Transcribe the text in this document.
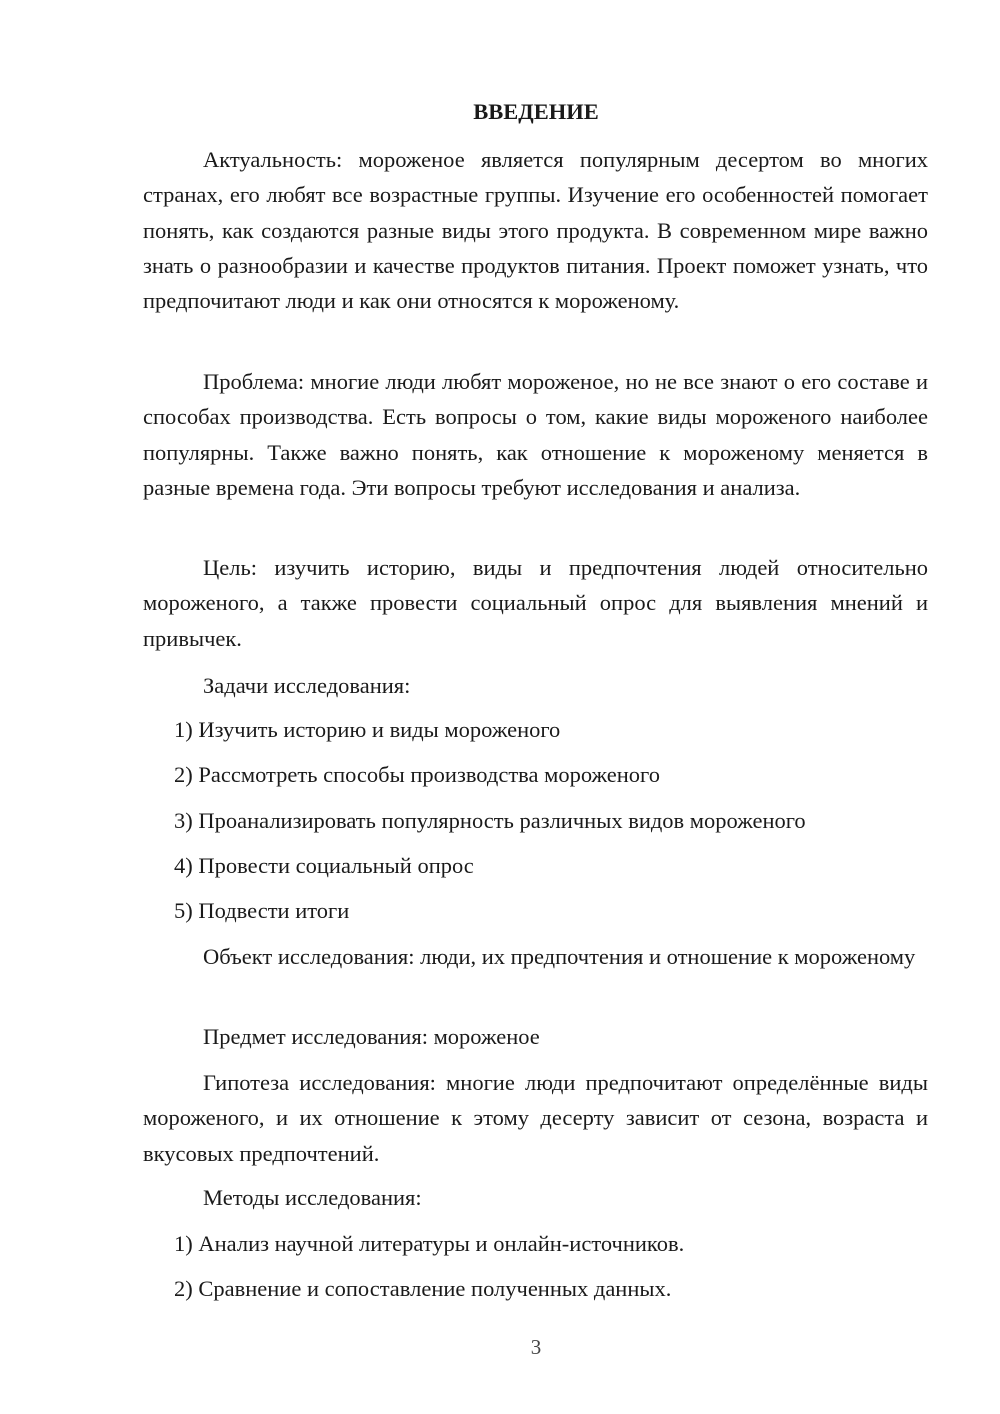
ВВЕДЕНИЕ

Актуальность: мороженое является популярным десертом во многих странах, его любят все возрастные группы. Изучение его особенностей помогает понять, как создаются разные виды этого продукта. В современном мире важно знать о разнообразии и качестве продуктов питания. Проект поможет узнать, что предпочитают люди и как они относятся к мороженому.

Проблема: многие люди любят мороженое, но не все знают о его составе и способах производства. Есть вопросы о том, какие виды мороженого наиболее популярны. Также важно понять, как отношение к мороженому меняется в разные времена года. Эти вопросы требуют исследования и анализа.

Цель: изучить историю, виды и предпочтения людей относительно мороженого, а также провести социальный опрос для выявления мнений и привычек.

Задачи исследования:

1) Изучить историю и виды мороженого

2) Рассмотреть способы производства мороженого

3) Проанализировать популярность различных видов мороженого

4) Провести социальный опрос

5) Подвести итоги

Объект исследования: люди, их предпочтения и отношение к мороженому

Предмет исследования: мороженое

Гипотеза исследования: многие люди предпочитают определённые виды мороженого, и их отношение к этому десерту зависит от сезона, возраста и вкусовых предпочтений.

Методы исследования:

1) Анализ научной литературы и онлайн-источников.

2) Сравнение и сопоставление полученных данных.

3
